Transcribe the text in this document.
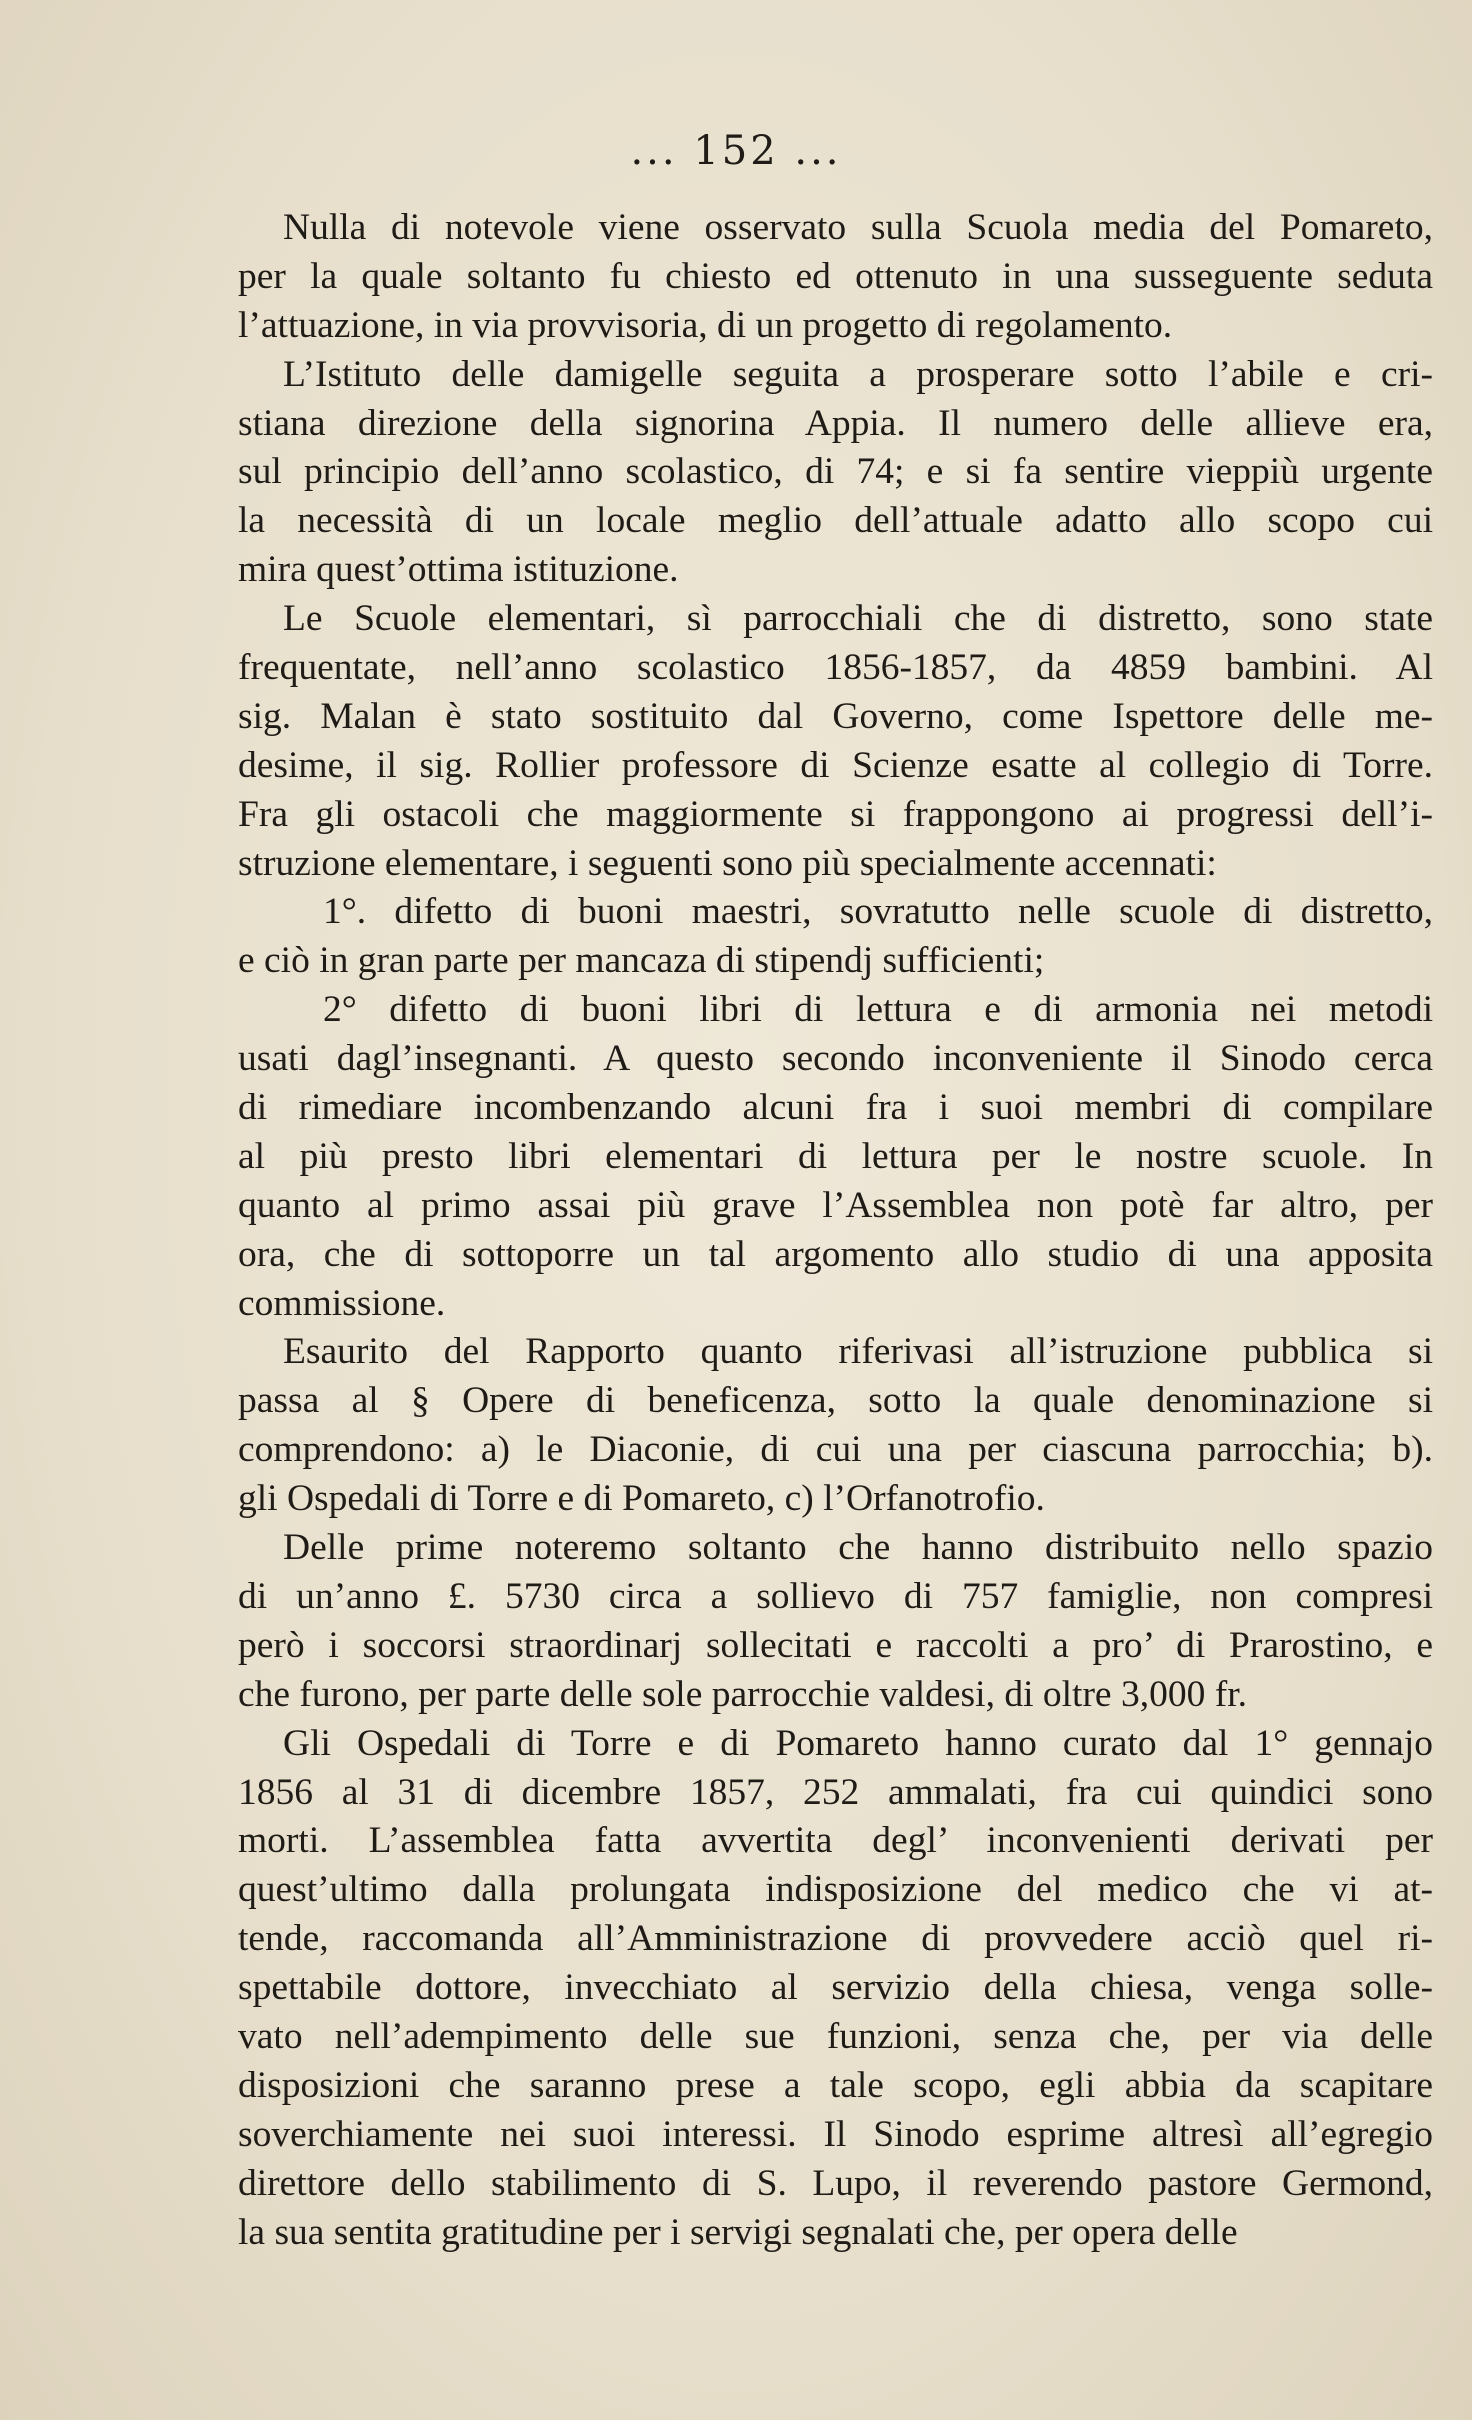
... 152 ...
Nulla di notevole viene osservato sulla Scuola media del Pomareto,
per la quale soltanto fu chiesto ed ottenuto in una susseguente seduta
l’attuazione, in via provvisoria, di un progetto di regolamento.
L’Istituto delle damigelle seguita a prosperare sotto l’abile e cri-
stiana direzione della signorina Appia. Il numero delle allieve era,
sul principio dell’anno scolastico, di 74; e si fa sentire vieppiù urgente
la necessità di un locale meglio dell’attuale adatto allo scopo cui
mira quest’ottima istituzione.
Le Scuole elementari, sì parrocchiali che di distretto, sono state
frequentate, nell’anno scolastico 1856-1857, da 4859 bambini. Al
sig. Malan è stato sostituito dal Governo, come Ispettore delle me-
desime, il sig. Rollier professore di Scienze esatte al collegio di Torre.
Fra gli ostacoli che maggiormente si frappongono ai progressi dell’i-
struzione elementare, i seguenti sono più specialmente accennati:
1°. difetto di buoni maestri, sovratutto nelle scuole di distretto,
e ciò in gran parte per mancaza di stipendj sufficienti;
2° difetto di buoni libri di lettura e di armonia nei metodi
usati dagl’insegnanti. A questo secondo inconveniente il Sinodo cerca
di rimediare incombenzando alcuni fra i suoi membri di compilare
al più presto libri elementari di lettura per le nostre scuole. In
quanto al primo assai più grave l’Assemblea non potè far altro, per
ora, che di sottoporre un tal argomento allo studio di una apposita
commissione.
Esaurito del Rapporto quanto riferivasi all’istruzione pubblica si
passa al § Opere di beneficenza, sotto la quale denominazione si
comprendono: a) le Diaconie, di cui una per ciascuna parrocchia; b).
gli Ospedali di Torre e di Pomareto, c) l’Orfanotrofio.
Delle prime noteremo soltanto che hanno distribuito nello spazio
di un’anno £. 5730 circa a sollievo di 757 famiglie, non compresi
però i soccorsi straordinarj sollecitati e raccolti a pro’ di Prarostino, e
che furono, per parte delle sole parrocchie valdesi, di oltre 3,000 fr.
Gli Ospedali di Torre e di Pomareto hanno curato dal 1° gennajo
1856 al 31 di dicembre 1857, 252 ammalati, fra cui quindici sono
morti. L’assemblea fatta avvertita degl’ inconvenienti derivati per
quest’ultimo dalla prolungata indisposizione del medico che vi at-
tende, raccomanda all’Amministrazione di provvedere acciò quel ri-
spettabile dottore, invecchiato al servizio della chiesa, venga solle-
vato nell’adempimento delle sue funzioni, senza che, per via delle
disposizioni che saranno prese a tale scopo, egli abbia da scapitare
soverchiamente nei suoi interessi. Il Sinodo esprime altresì all’egregio
direttore dello stabilimento di S. Lupo, il reverendo pastore Germond,
la sua sentita gratitudine per i servigi segnalati che, per opera delle
